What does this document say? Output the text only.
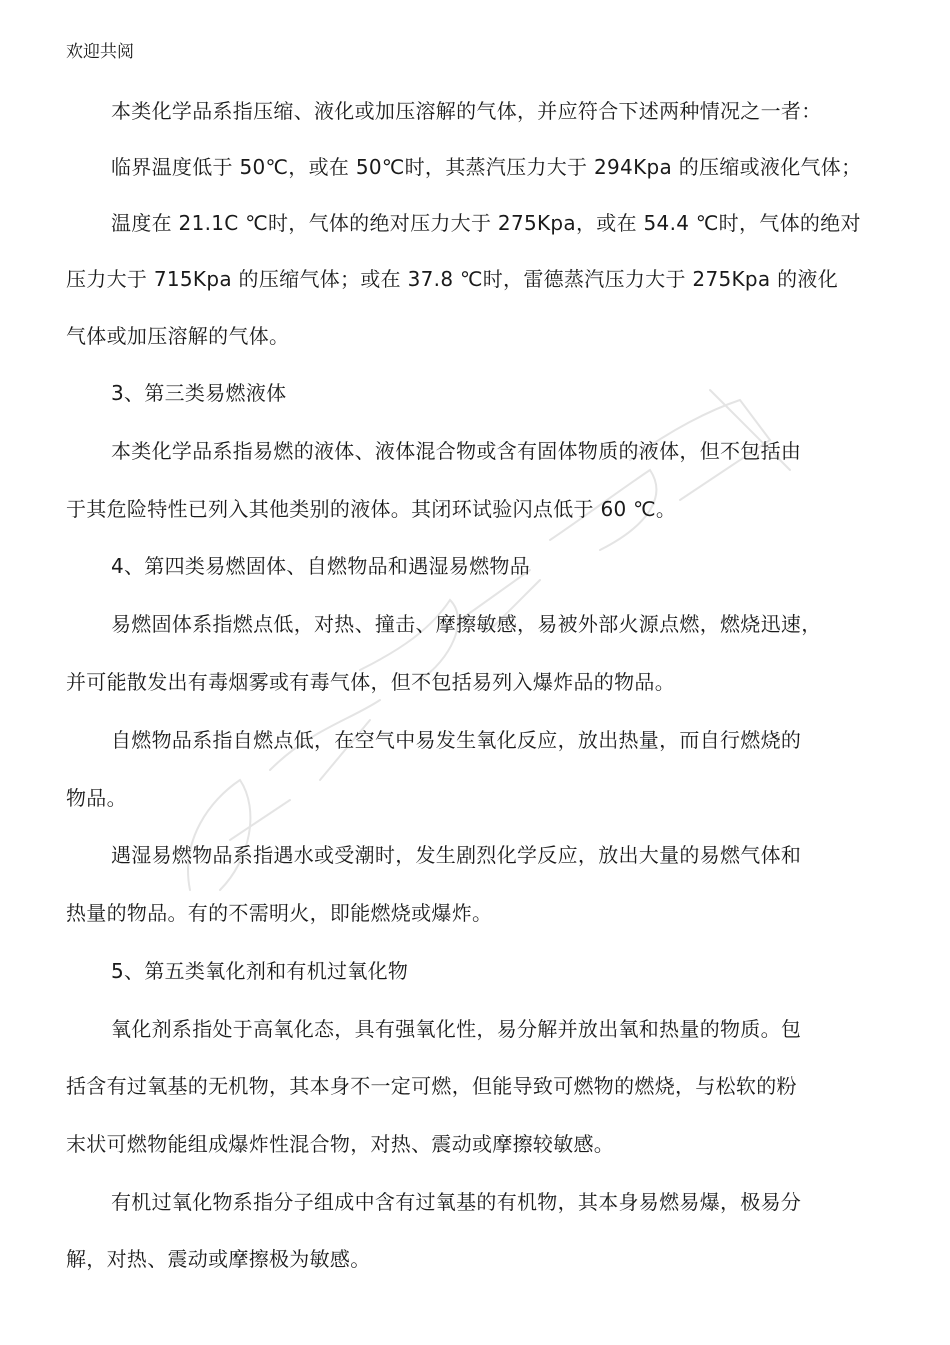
欢迎共阅
本类化学品系指压缩、液化或加压溶解的气体，并应符合下述两种情况之一者：
临界温度低于 50℃，或在 50℃时，其蒸汽压力大于 294Kpa 的压缩或液化气体；
温度在 21.1C ℃时，气体的绝对压力大于 275Kpa，或在 54.4 ℃时，气体的绝对
压力大于 715Kpa 的压缩气体；或在 37.8 ℃时，雷德蒸汽压力大于 275Kpa 的液化
气体或加压溶解的气体。
3、第三类易燃液体
本类化学品系指易燃的液体、液体混合物或含有固体物质的液体，但不包括由
于其危险特性已列入其他类别的液体。其闭环试验闪点低于 60 ℃。
4、第四类易燃固体、自燃物品和遇湿易燃物品
易燃固体系指燃点低，对热、撞击、摩擦敏感，易被外部火源点燃，燃烧迅速，
并可能散发出有毒烟雾或有毒气体，但不包括易列入爆炸品的物品。
自燃物品系指自燃点低，在空气中易发生氧化反应，放出热量，而自行燃烧的
物品。
遇湿易燃物品系指遇水或受潮时，发生剧烈化学反应，放出大量的易燃气体和
热量的物品。有的不需明火，即能燃烧或爆炸。
5、第五类氧化剂和有机过氧化物
氧化剂系指处于高氧化态，具有强氧化性，易分解并放出氧和热量的物质。包
括含有过氧基的无机物，其本身不一定可燃，但能导致可燃物的燃烧，与松软的粉
末状可燃物能组成爆炸性混合物，对热、震动或摩擦较敏感。
有机过氧化物系指分子组成中含有过氧基的有机物，其本身易燃易爆，极易分
解，对热、震动或摩擦极为敏感。
